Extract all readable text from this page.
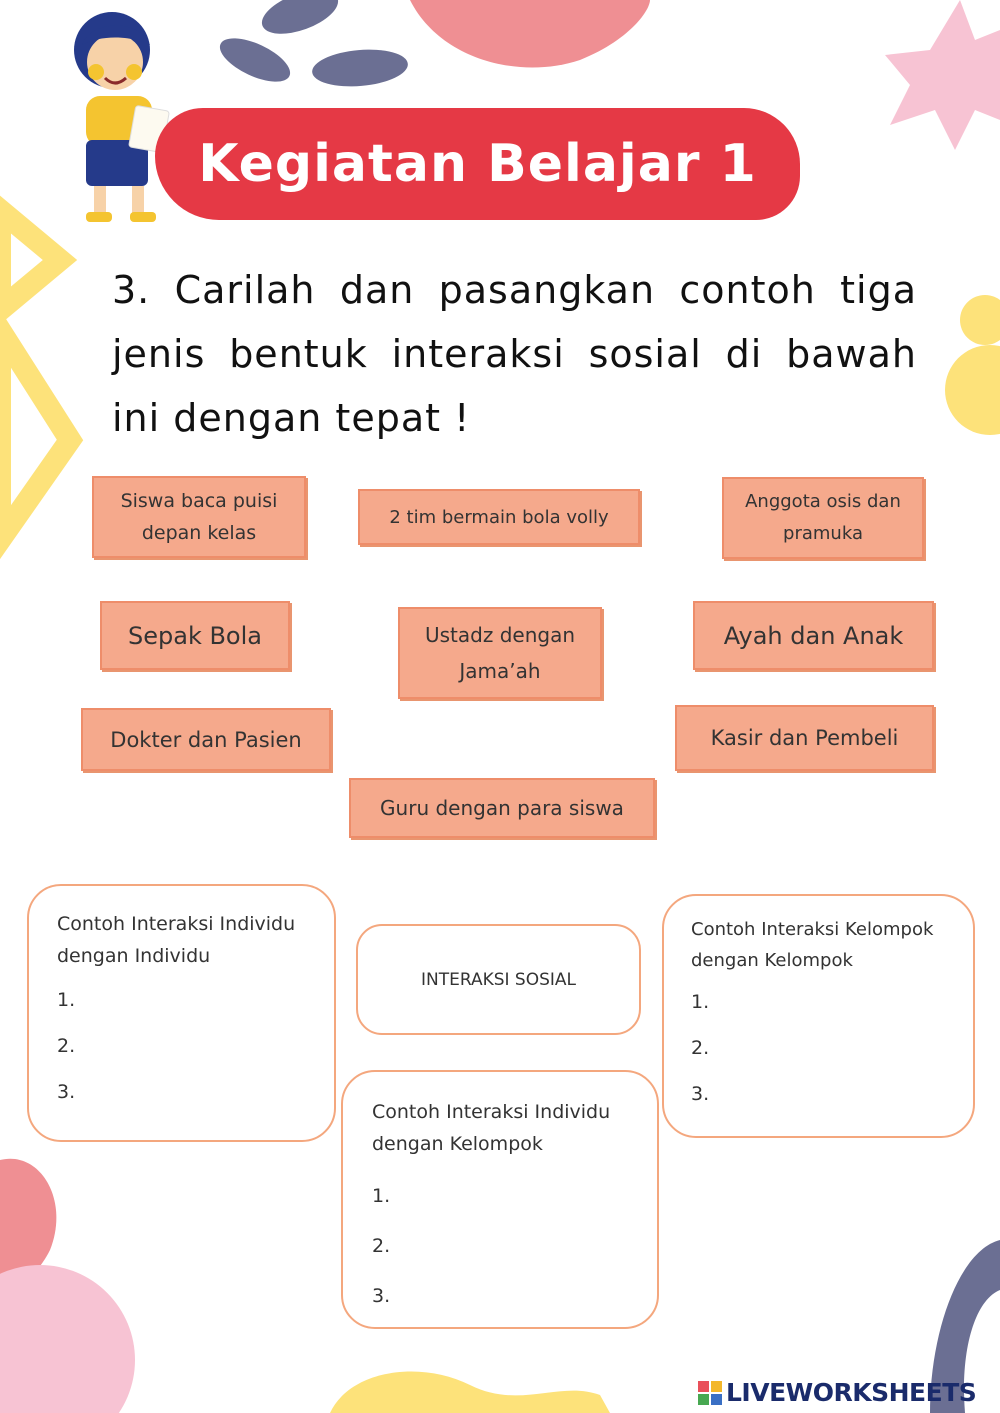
Kegiatan Belajar 1
3. Carilah dan pasangkan contoh tiga jenis bentuk interaksi sosial di bawah ini dengan tepat !
Siswa baca puisi depan kelas
2 tim bermain bola volly
Anggota osis dan pramuka
Sepak Bola	Ustadz dengan Jama’ah
Ayah dan Anak
Dokter dan Pasien	Kasir dan Pembeli
Guru dengan para siswa
Contoh Interaksi Individu dengan Individu
1.
2.
3.
INTERAKSI SOSIAL
Contoh Interaksi Kelompok dengan Kelompok
1.
2.
3.
Contoh Interaksi Individu dengan Kelompok
1.
2.
3.
LIVEWORKSHEETS
